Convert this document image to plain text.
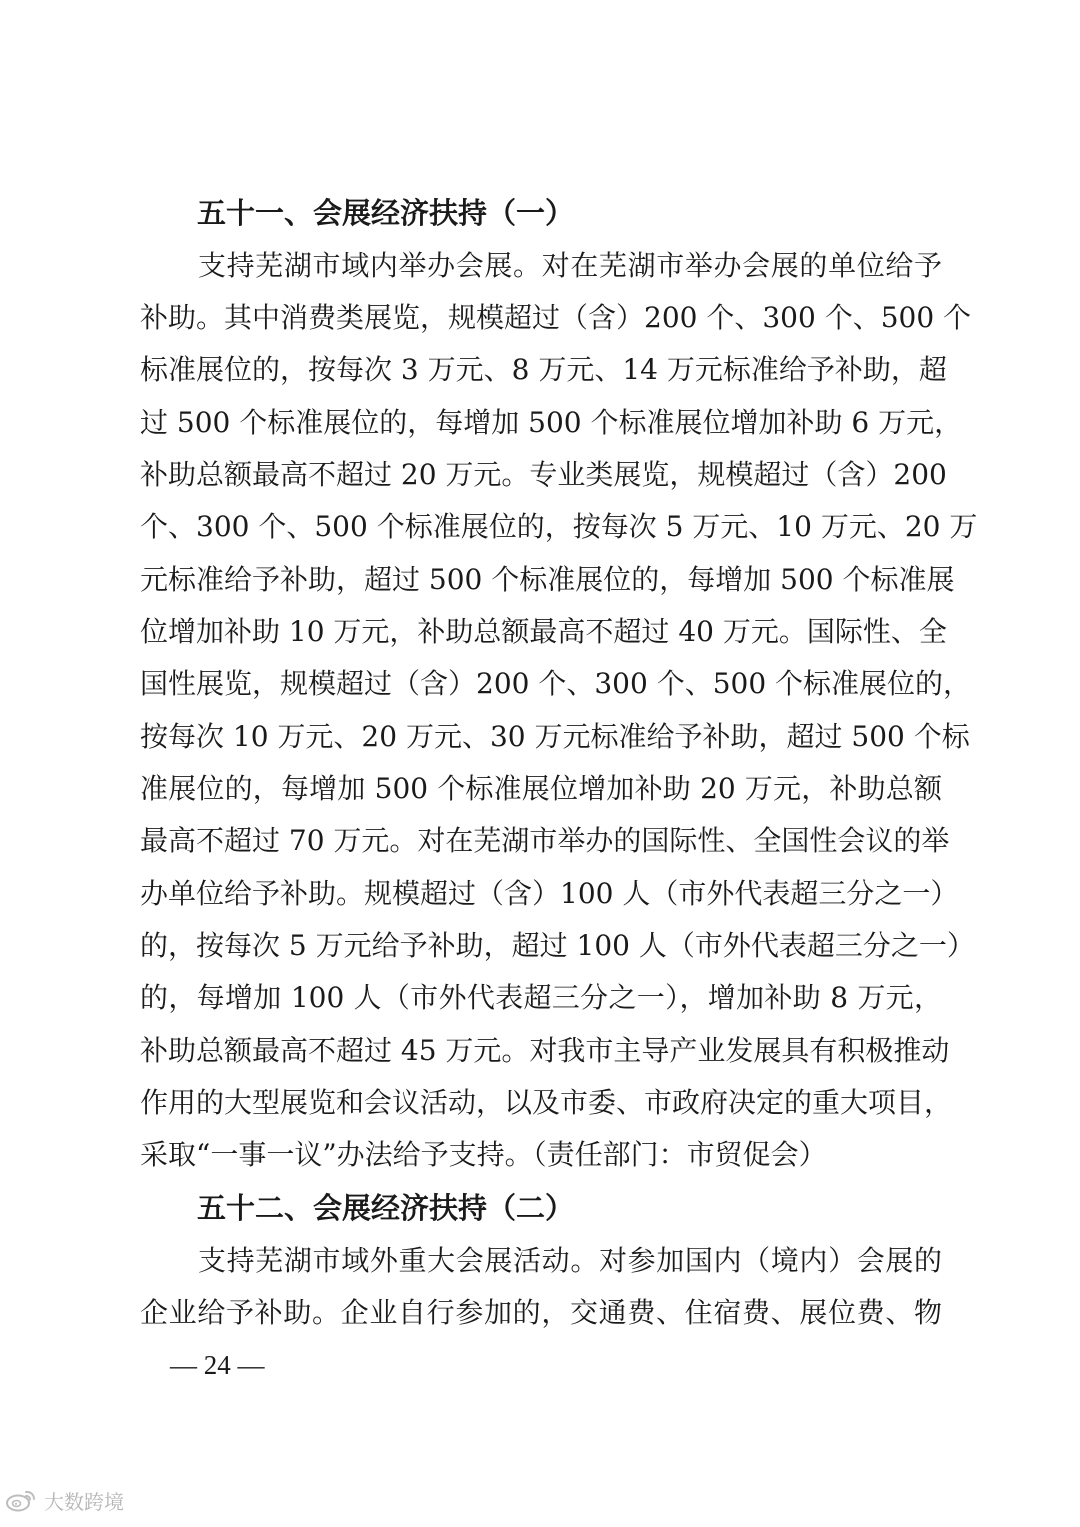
五十一、会展经济扶持（一）
支持芜湖市域内举办会展。对在芜湖市举办会展的单位给予
补助。其中消费类展览，规模超过（含）200 个、300 个、500 个
标准展位的，按每次 3 万元、8 万元、14 万元标准给予补助，超
过 500 个标准展位的，每增加 500 个标准展位增加补助 6 万元，
补助总额最高不超过 20 万元。专业类展览，规模超过（含）200
个、300 个、500 个标准展位的，按每次 5 万元、10 万元、20 万
元标准给予补助，超过 500 个标准展位的，每增加 500 个标准展
位增加补助 10 万元，补助总额最高不超过 40 万元。国际性、全
国性展览，规模超过（含）200 个、300 个、500 个标准展位的，
按每次 10 万元、20 万元、30 万元标准给予补助，超过 500 个标
准展位的，每增加 500 个标准展位增加补助 20 万元，补助总额
最高不超过 70 万元。对在芜湖市举办的国际性、全国性会议的举
办单位给予补助。规模超过（含）100 人（市外代表超三分之一）
的，按每次 5 万元给予补助，超过 100 人（市外代表超三分之一）
的，每增加 100 人（市外代表超三分之一），增加补助 8 万元，
补助总额最高不超过 45 万元。对我市主导产业发展具有积极推动
作用的大型展览和会议活动，以及市委、市政府决定的重大项目，
采取“一事一议”办法给予支持。（责任部门：市贸促会）
五十二、会展经济扶持（二）
支持芜湖市域外重大会展活动。对参加国内（境内）会展的
企业给予补助。企业自行参加的，交通费、住宿费、展位费、物
— 24 —
大数跨境
